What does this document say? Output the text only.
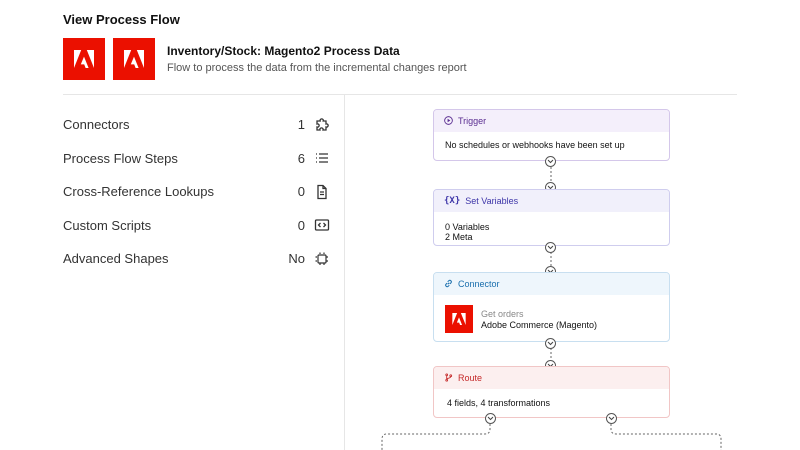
View Process Flow
Inventory/Stock: Magento2 Process Data
Flow to process the data from the incremental changes report
Connectors	1
Process Flow Steps	6
Cross-Reference Lookups	0
Custom Scripts	0
Advanced Shapes	No
Trigger
No schedules or webhooks have been set up
{X} Set Variables
0 Variables
2 Meta
Connector
Get orders
Adobe Commerce (Magento)
Route
4 fields, 4 transformations
